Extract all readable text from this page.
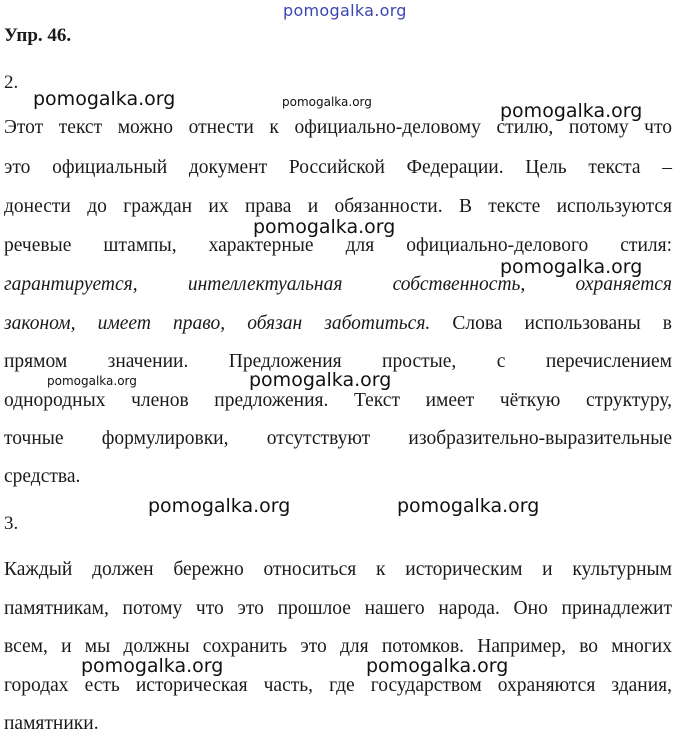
pomogalka.org
pomogalka.org	pomogalka.org	pomogalka.org
pomogalka.org
pomogalka.org
pomogalka.org	pomogalka.org
pomogalka.org	pomogalka.org
pomogalka.org	pomogalka.org
Упр. 46.
2.
Этот текст можно отнести к официально-деловому стилю, потому что
это официальный документ Российской Федерации. Цель текста –
донести до граждан их права и обязанности. В тексте используются
речевые штампы, характерные для официально-делового стиля:
гарантируется, интеллектуальная собственность, охраняется
законом, имеет право, обязан заботиться. Слова использованы в
прямом значении. Предложения простые, с перечислением
однородных членов предложения. Текст имеет чёткую структуру,
точные формулировки, отсутствуют изобразительно-выразительные
средства.
3.
Каждый должен бережно относиться к историческим и культурным
памятникам, потому что это прошлое нашего народа. Оно принадлежит
всем, и мы должны сохранить это для потомков. Например, во многих
городах есть историческая часть, где государством охраняются здания,
памятники.
